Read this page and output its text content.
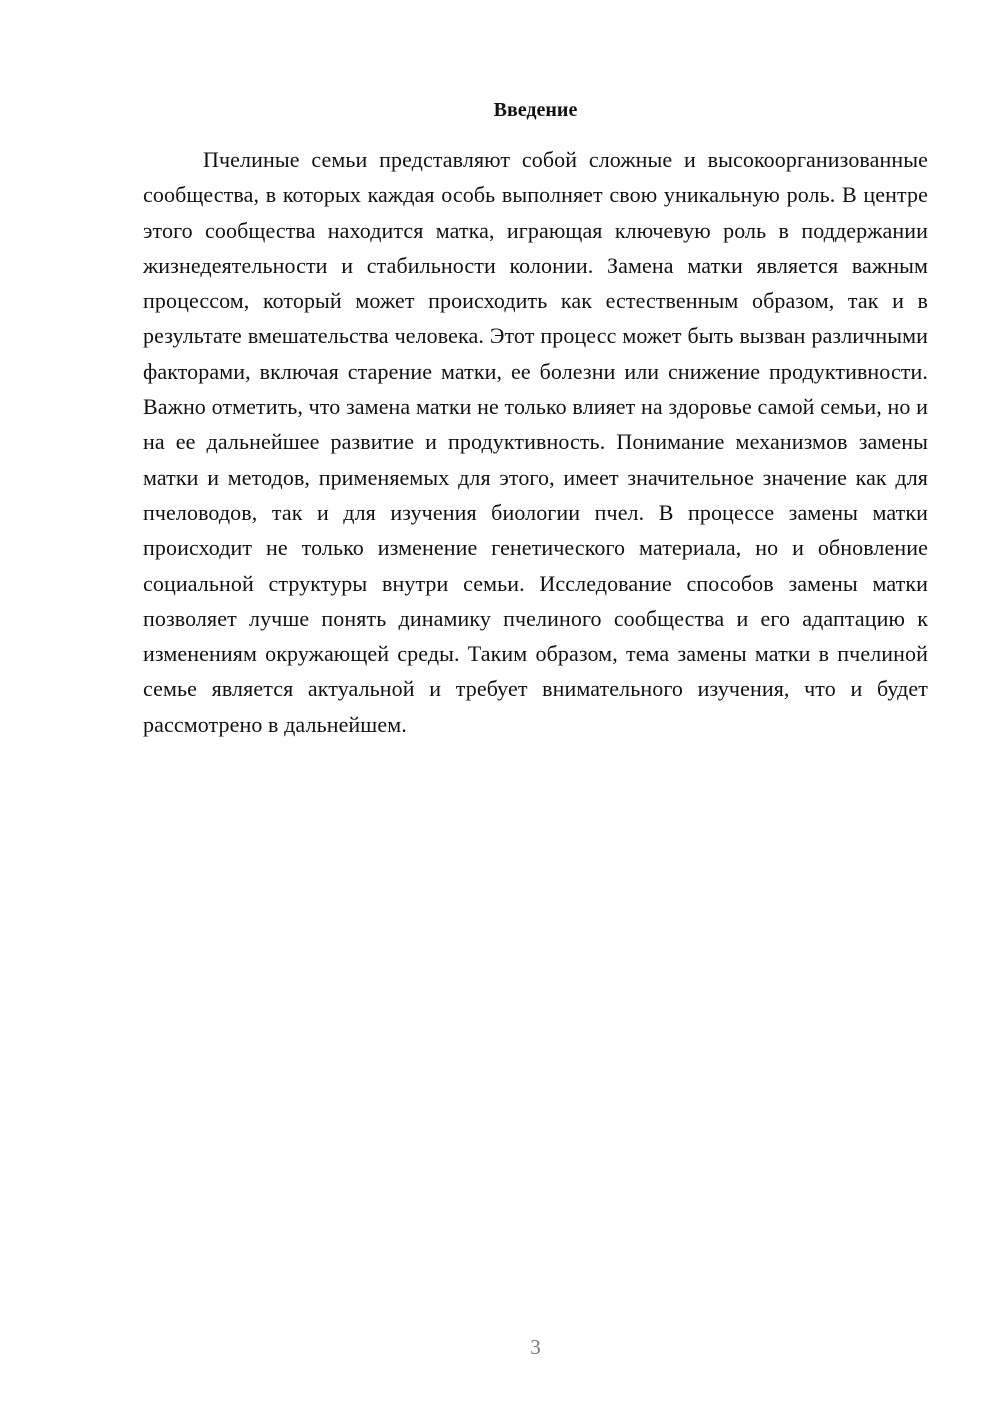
Введение

Пчелиные семьи представляют собой сложные и высокоорганизованные сообщества, в которых каждая особь выполняет свою уникальную роль. В центре этого сообщества находится матка, играющая ключевую роль в поддержании жизнедеятельности и стабильности колонии. Замена матки является важным процессом, который может происходить как естественным образом, так и в результате вмешательства человека. Этот процесс может быть вызван различными факторами, включая старение матки, ее болезни или снижение продуктивности. Важно отметить, что замена матки не только влияет на здоровье самой семьи, но и на ее дальнейшее развитие и продуктивность. Понимание механизмов замены матки и методов, применяемых для этого, имеет значительное значение как для пчеловодов, так и для изучения биологии пчел. В процессе замены матки происходит не только изменение генетического материала, но и обновление социальной структуры внутри семьи. Исследование способов замены матки позволяет лучше понять динамику пчелиного сообщества и его адаптацию к изменениям окружающей среды. Таким образом, тема замены матки в пчелиной семье является актуальной и требует внимательного изучения, что и будет рассмотрено в дальнейшем.

3
